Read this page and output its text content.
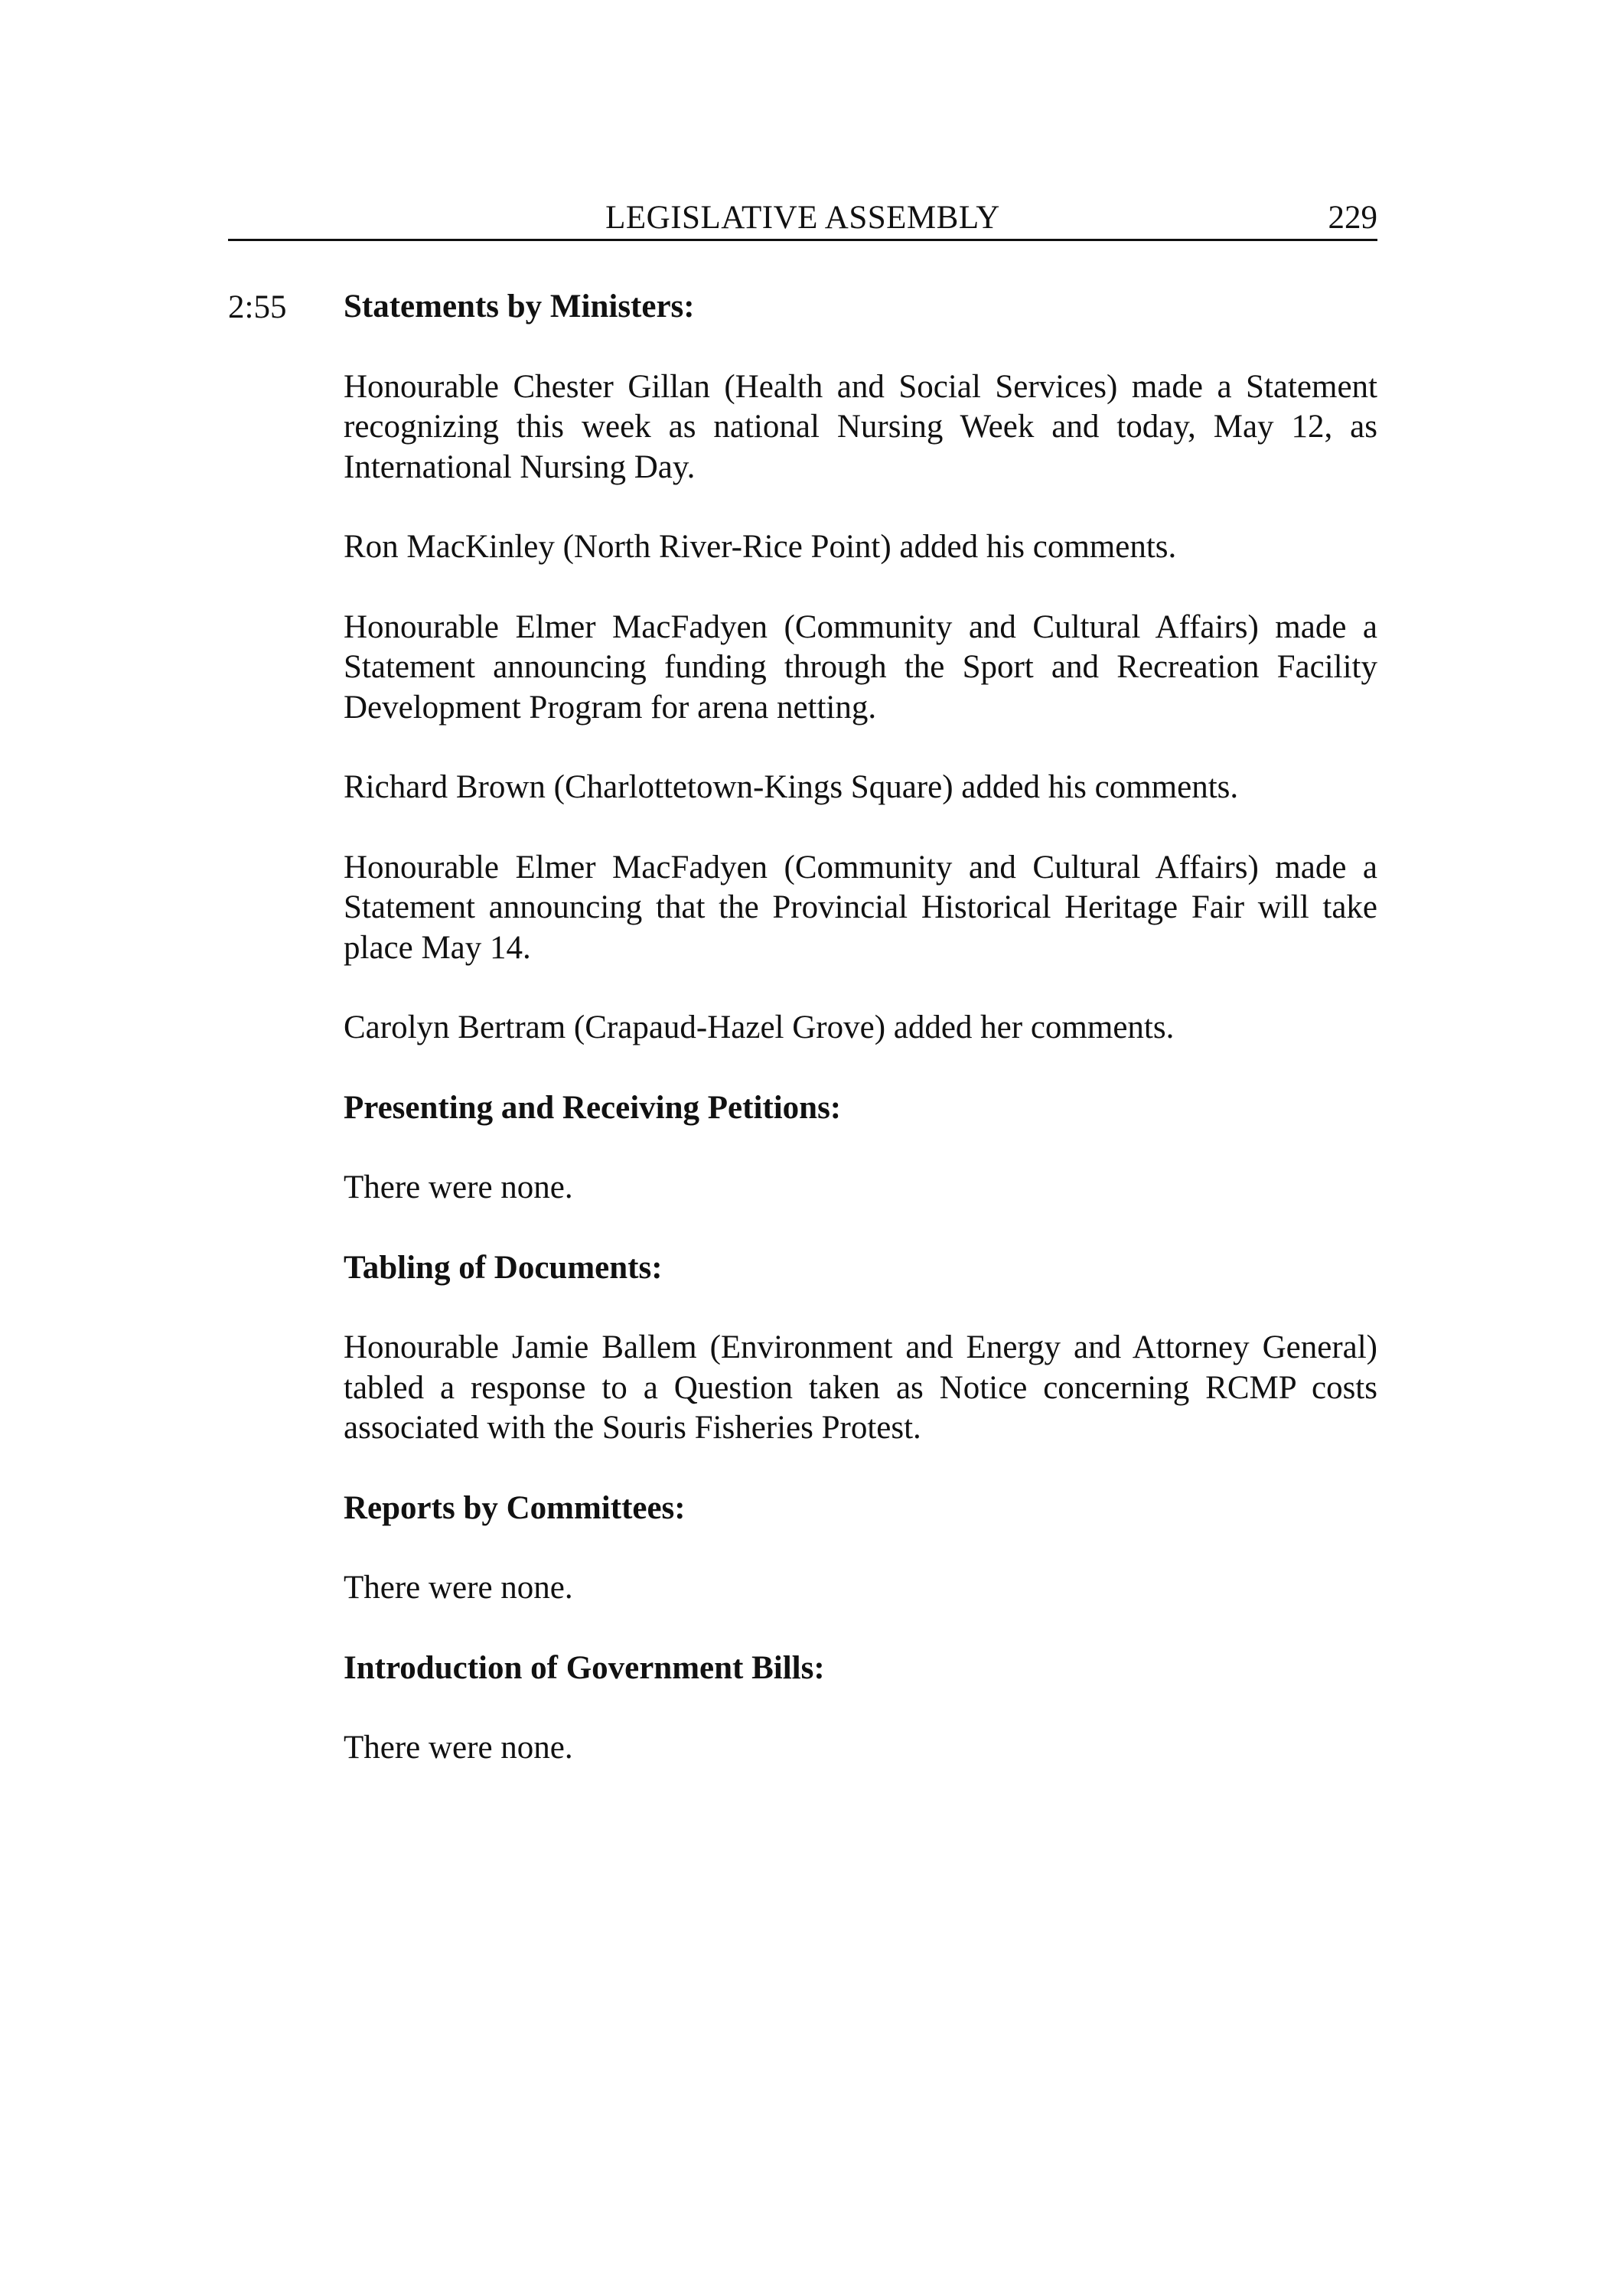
LEGISLATIVE ASSEMBLY	229
2:55 Statements by Ministers:
Honourable Chester Gillan (Health and Social Services) made a Statement recognizing this week as national Nursing Week and today, May 12, as International Nursing Day.
Ron MacKinley (North River-Rice Point) added his comments.
Honourable Elmer MacFadyen (Community and Cultural Affairs) made a Statement announcing funding through the Sport and Recreation Facility Development Program for arena netting.
Richard Brown (Charlottetown-Kings Square) added his comments.
Honourable Elmer MacFadyen (Community and Cultural Affairs) made a Statement announcing that the Provincial Historical Heritage Fair will take place May 14.
Carolyn Bertram (Crapaud-Hazel Grove) added her comments.
Presenting and Receiving Petitions:
There were none.
Tabling of Documents:
Honourable Jamie Ballem (Environment and Energy and Attorney General) tabled a response to a Question taken as Notice concerning RCMP costs associated with the Souris Fisheries Protest.
Reports by Committees:
There were none.
Introduction of Government Bills:
There were none.
